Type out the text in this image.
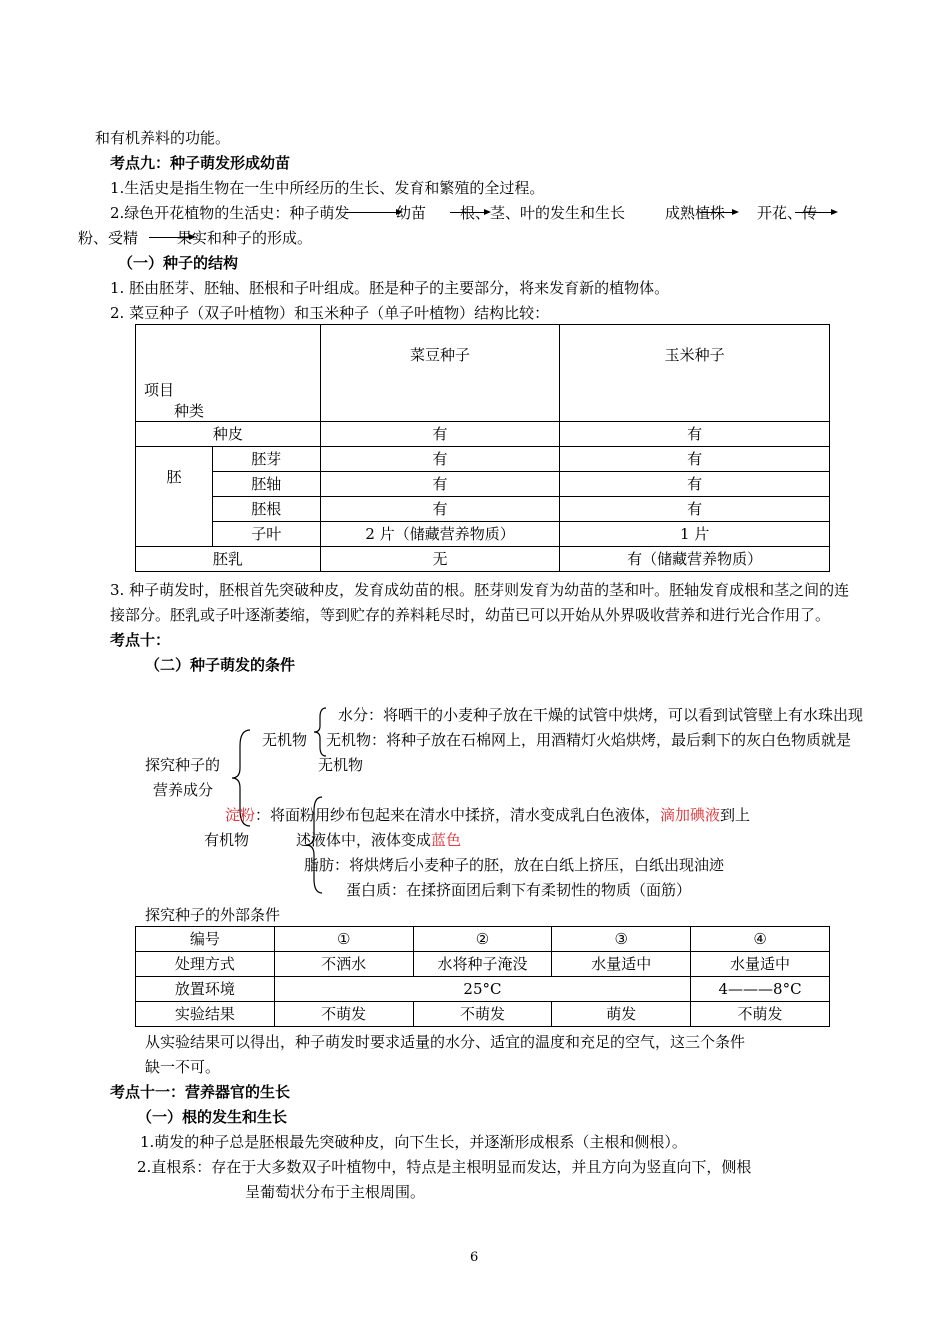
和有机养料的功能。
考点九：种子萌发形成幼苗
1.生活史是指生物在一生中所经历的生长、发育和繁殖的全过程。
2.绿色开花植物的生活史：种子萌发	幼苗 根、茎、叶的发生和生长	成熟植株 开花、传
粉、受精	果实和种子的形成。
（一）种子的结构
1. 胚由胚芽、胚轴、胚根和子叶组成。胚是种子的主要部分，将来发育新的植物体。
2. 菜豆种子（双子叶植物）和玉米种子（单子叶植物）结构比较：
项目
种类		菜豆种子	玉米种子
种皮		有	有
胚	胚芽	有	有
	胚轴	有	有
	胚根	有	有
	子叶	2 片（储藏营养物质）	1 片
胚乳		无	有（储藏营养物质）
3. 种子萌发时，胚根首先突破种皮，发育成幼苗的根。胚芽则发育为幼苗的茎和叶。胚轴发育成根和茎之间的连
接部分。胚乳或子叶逐渐萎缩，等到贮存的养料耗尽时，幼苗已可以开始从外界吸收营养和进行光合作用了。
考点十：
（二）种子萌发的条件
探究种子的
营养成分
无机物
有机物
水分：将晒干的小麦种子放在干燥的试管中烘烤，可以看到试管壁上有水珠出现
无机物：将种子放在石棉网上，用酒精灯火焰烘烤，最后剩下的灰白色物质就是
无机物
淀粉：将面粉用纱布包起来在清水中揉挤，清水变成乳白色液体，滴加碘液到上
述液体中，液体变成蓝色
脂肪：将烘烤后小麦种子的胚，放在白纸上挤压，白纸出现油迹
蛋白质：在揉挤面团后剩下有柔韧性的物质（面筋）
探究种子的外部条件
编号	①	②	③	④
处理方式	不洒水	水将种子淹没	水量适中	水量适中
放置环境	25°C			4———8°C
实验结果	不萌发	不萌发	萌发	不萌发
从实验结果可以得出，种子萌发时要求适量的水分、适宜的温度和充足的空气，这三个条件
缺一不可。
考点十一：营养器官的生长
（一）根的发生和生长
1.萌发的种子总是胚根最先突破种皮，向下生长，并逐渐形成根系（主根和侧根）。
2.直根系：存在于大多数双子叶植物中，特点是主根明显而发达，并且方向为竖直向下，侧根
呈葡萄状分布于主根周围。
6
